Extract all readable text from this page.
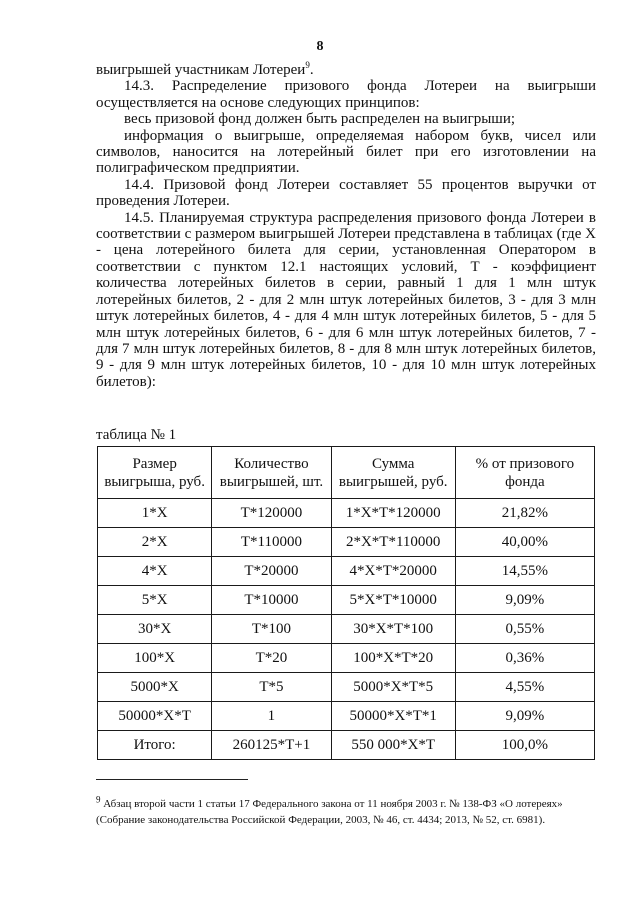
8

выигрышей участникам Лотереи$^9$.

14.3. Распределение призового фонда Лотереи на выигрыши осуществляется на основе следующих принципов:

весь призовой фонд должен быть распределен на выигрыши;

информация о выигрыше, определяемая набором букв, чисел или символов, наносится на лотерейный билет при его изготовлении на полиграфическом предприятии.

14.4. Призовой фонд Лотереи составляет 55 процентов выручки от проведения Лотереи.

14.5. Планируемая структура распределения призового фонда Лотереи в соответствии с размером выигрышей Лотереи представлена в таблицах (где X - цена лотерейного билета для серии, установленная Оператором в соответствии с пунктом 12.1 настоящих условий, Т - коэффициент количества лотерейных билетов в серии, равный 1 для 1 млн штук лотерейных билетов, 2 - для 2 млн штук лотерейных билетов, 3 - для 3 млн штук лотерейных билетов, 4 - для 4 млн штук лотерейных билетов, 5 - для 5 млн штук лотерейных билетов, 6 - для 6 млн штук лотерейных билетов, 7 - для 7 млн штук лотерейных билетов, 8 - для 8 млн штук лотерейных билетов, 9 - для 9 млн штук лотерейных билетов, 10 - для 10 млн штук лотерейных билетов):

таблица № 1
Размер выигрыша, руб.	Количество выигрышей, шт.	Сумма выигрышей, руб.	% от призового фонда
1*X	T*120000	1*X*T*120000	21,82%
2*X	T*110000	2*X*T*110000	40,00%
4*X	T*20000	4*X*T*20000	14,55%
5*X	T*10000	5*X*T*10000	9,09%
30*X	T*100	30*X*T*100	0,55%
100*X	T*20	100*X*T*20	0,36%
5000*X	T*5	5000*X*T*5	4,55%
50000*X*T	1	50000*X*T*1	9,09%
Итого:	260125*T+1	550 000*X*T	100,0%
$^9$ Абзац второй части 1 статьи 17 Федерального закона от 11 ноября 2003 г. № 138-ФЗ «О лотереях» (Собрание законодательства Российской Федерации, 2003, № 46, ст. 4434; 2013, № 52, ст. 6981).
